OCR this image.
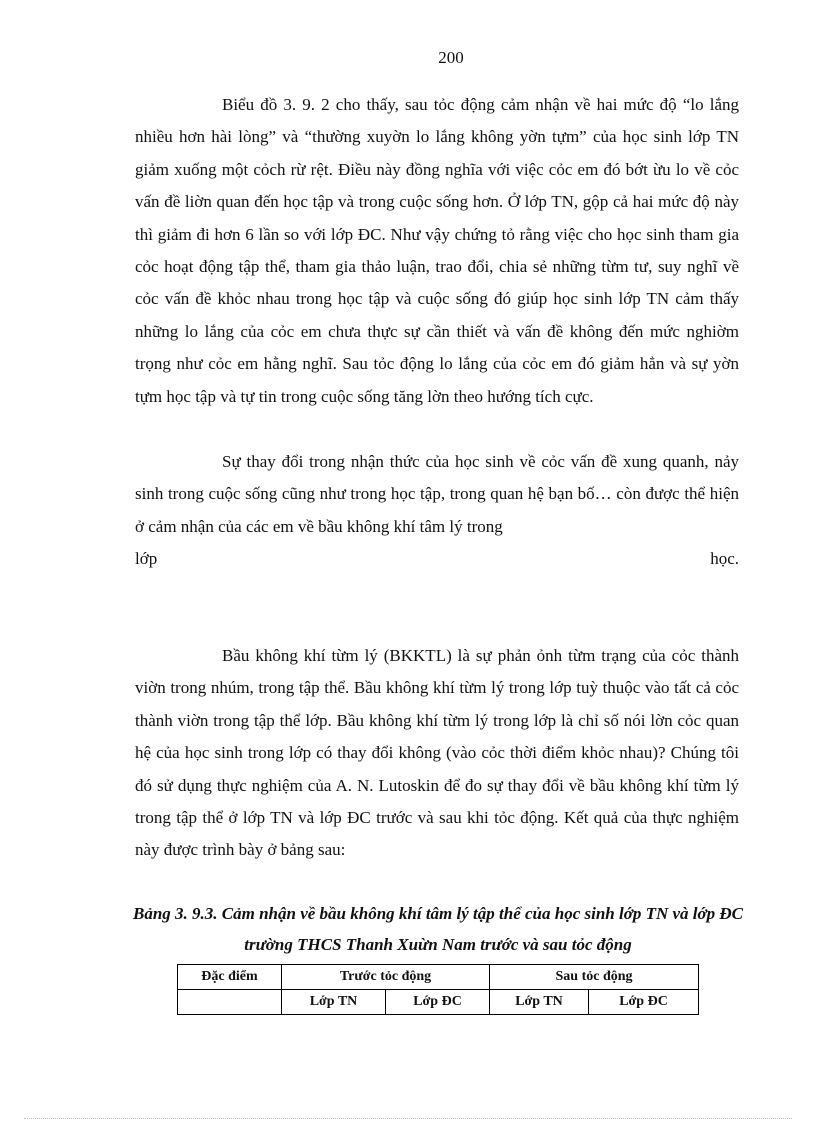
200
Biểu đồ 3. 9. 2 cho thấy, sau tỏc động cảm nhận về hai mức độ “lo lắng nhiều hơn hài lòng” và “thường xuyờn lo lắng không yờn tựm” của học sinh lớp TN giảm xuống một cỏch rừ rệt. Điều này đồng nghĩa với việc cỏc em đó bớt ừu lo về cỏc vấn đề liờn quan đến học tập và trong cuộc sống hơn. Ở lớp TN, gộp cả hai mức độ này thì giảm đi hơn 6 lần so với lớp ĐC. Như vậy chứng tỏ rằng việc cho học sinh tham gia cỏc hoạt động tập thể, tham gia thảo luận, trao đổi, chia sẻ những từm tư, suy nghĩ về cỏc vấn đề khỏc nhau trong học tập và cuộc sống đó giúp học sinh lớp TN cảm thấy những lo lắng của cỏc em chưa thực sự cần thiết và vấn đề không đến mức nghiờm trọng như cỏc em hằng nghĩ. Sau tỏc động lo lắng của cỏc em đó giảm hẳn và sự yờn tựm học tập và tự tin trong cuộc sống tăng lờn theo hướng tích cực.
Sự thay đổi trong nhận thức của học sinh về cỏc vấn đề xung quanh, nảy sinh trong cuộc sống cũng như trong học tập, trong quan hệ bạn bố… còn được thể hiện ở cảm nhận của các em về bầu không khí tâm lý trong
lớp học.
Bầu không khí từm lý (BKKTL) là sự phản ỏnh từm trạng của cỏc thành viờn trong nhúm, trong tập thể. Bầu không khí từm lý trong lớp tuỳ thuộc vào tất cả cỏc thành viờn trong tập thể lớp. Bầu không khí từm lý trong lớp là chỉ số nói lờn cỏc quan hệ của học sinh trong lớp có thay đổi không (vào cỏc thời điểm khỏc nhau)? Chúng tôi đó sử dụng thực nghiệm của A. N. Lutoskin để đo sự thay đổi về bầu không khí từm lý trong tập thể ở lớp TN và lớp ĐC trước và sau khi tỏc động. Kết quả của thực nghiệm này được trình bày ở bảng sau:
Bảng 3. 9.3. Cảm nhận về bầu không khí tâm lý tập thể của học sinh lớp TN và lớp ĐC trường THCS Thanh Xuừn Nam trước và sau tỏc động
Đặc điểm	Trước tỏc động		Sau tỏc động	
	Lớp TN	Lớp ĐC	Lớp TN	Lớp ĐC
